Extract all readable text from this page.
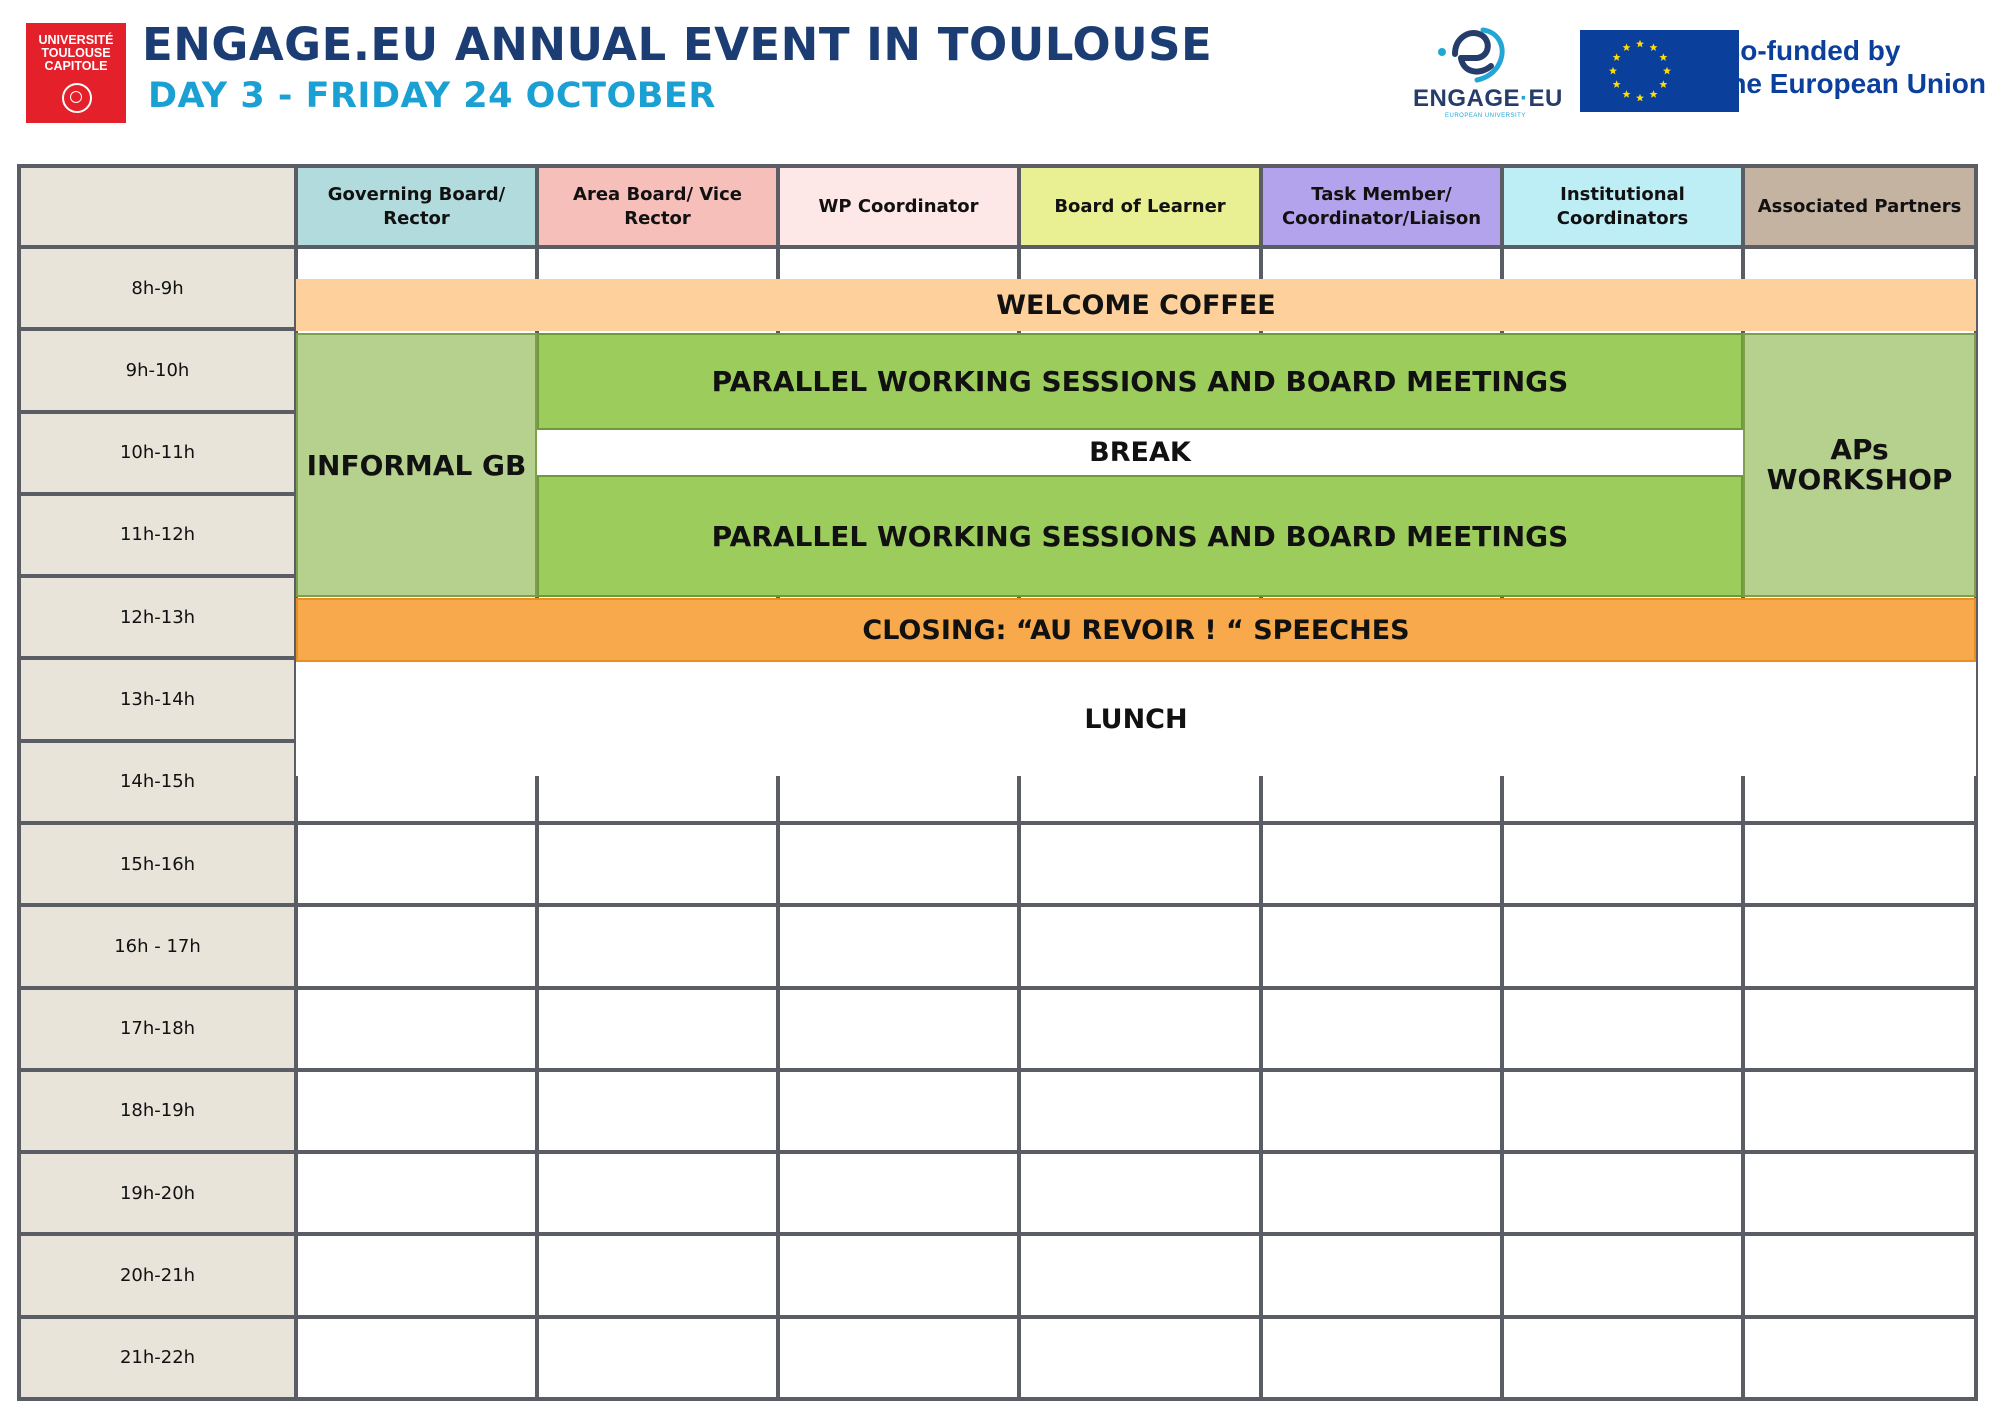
UNIVERSITÉ
TOULOUSE
CAPITOLE ENGAGE.EU ANNUAL EVENT IN TOULOUSE
DAY 3 - FRIDAY 24 OCTOBER	ENGAGE·EU
EUROPEAN UNIVERSITY
Co-funded by
the European Union
Governing Board/ Rector
Area Board/ Vice Rector
WP Coordinator	Board of Learner
Task Member/ Coordinator/Liaison
Institutional Coordinators
Associated Partners
8h-9h
9h-10h
10h-11h
11h-12h
12h-13h
13h-14h
14h-15h
15h-16h
16h - 17h
17h-18h
18h-19h
19h-20h
20h-21h
21h-22h
WELCOME COFFEE
INFORMAL GB
PARALLEL WORKING SESSIONS AND BOARD MEETINGS
BREAK
PARALLEL WORKING SESSIONS AND BOARD MEETINGS
APs
WORKSHOP
CLOSING: “AU REVOIR ! “ SPEECHES
LUNCH
